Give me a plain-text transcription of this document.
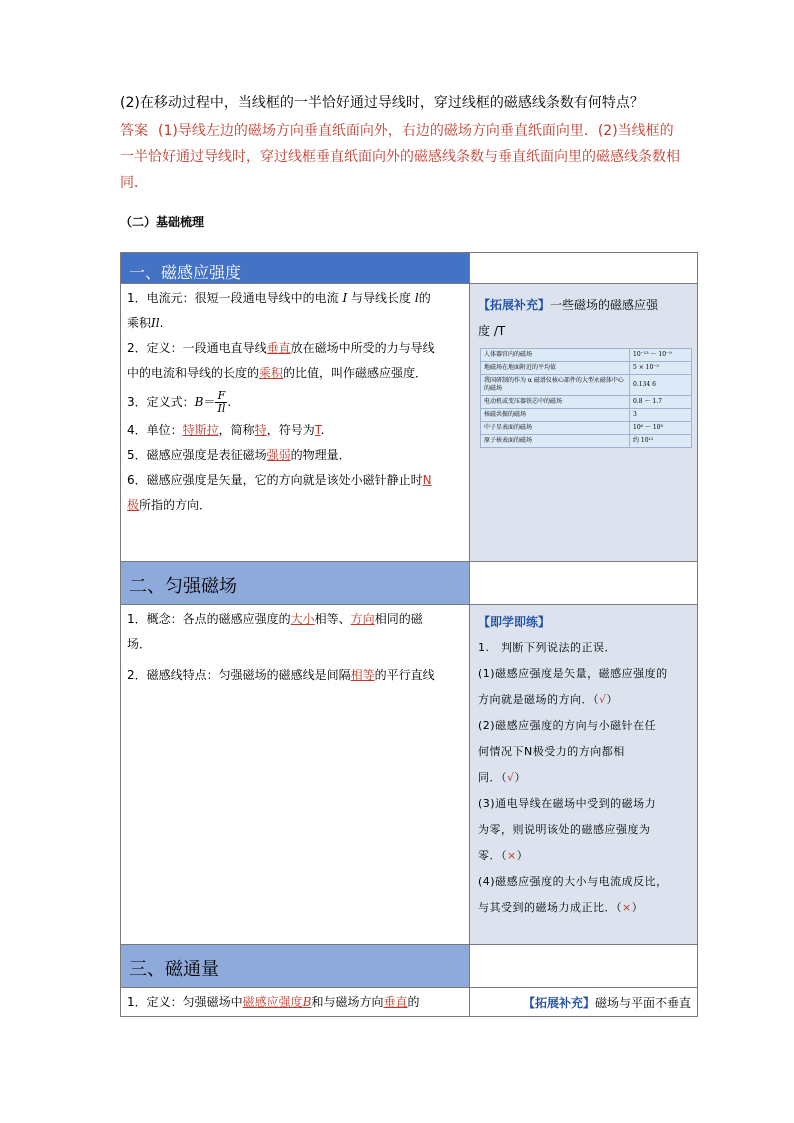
(2)在移动过程中，当线框的一半恰好通过导线时，穿过线框的磁感线条数有何特点？
答案 (1)导线左边的磁场方向垂直纸面向外，右边的磁场方向垂直纸面向里．(2)当线框的
一半恰好通过导线时，穿过线框垂直纸面向外的磁感线条数与垂直纸面向里的磁感线条数相
同．
（二）基础梳理
一、磁感应强度

1．电流元：很短一段通电导线中的电流 I 与导线长度 l的
乘积Il.
2．定义：一段通电直导线垂直放在磁场中所受的力与导线
中的电流和导线的长度的乘积的比值，叫作磁感应强度．
3．定义式：$B= \frac{F}{Il}$ .
4．单位：特斯拉，简称特，符号为T.
5．磁感应强度是表征磁场强弱的物理量．
6．磁感应强度是矢量，它的方向就是该处小磁针静止时N
极所指的方向．

【拓展补充】一些磁场的磁感应强
度 /T
人体器官内的磁场	10⁻¹³ ～ 10⁻⁹
地磁场在地面附近的平均值	5 × 10⁻⁵
我国研制的作为 α 磁谱仪核心部件的大型永磁体中心的磁场	0.134 6
电动机或变压器铁芯中的磁场	0.8 ～ 1.7
核磁共振的磁场	3
中子星表面的磁场	10⁶ ～ 10⁸
原子核表面的磁场	约 10¹²

二、匀强磁场

1．概念：各点的磁感应强度的大小相等、方向相同的磁
场．
2．磁感线特点：匀强磁场的磁感线是间隔相等的平行直线

【即学即练】
1.　判断下列说法的正误．
(1)磁感应强度是矢量，磁感应强度的
方向就是磁场的方向．（√）
(2)磁感应强度的方向与小磁针在任
何情况下N极受力的方向都相
同．（√）
(3)通电导线在磁场中受到的磁场力
为零，则说明该处的磁感应强度为
零．（×）
(4)磁感应强度的大小与电流成反比，
与其受到的磁场力成正比．（×）

三、磁通量

1．定义：匀强磁场中磁感应强度B和与磁场方向垂直的	【拓展补充】磁场与平面不垂直
